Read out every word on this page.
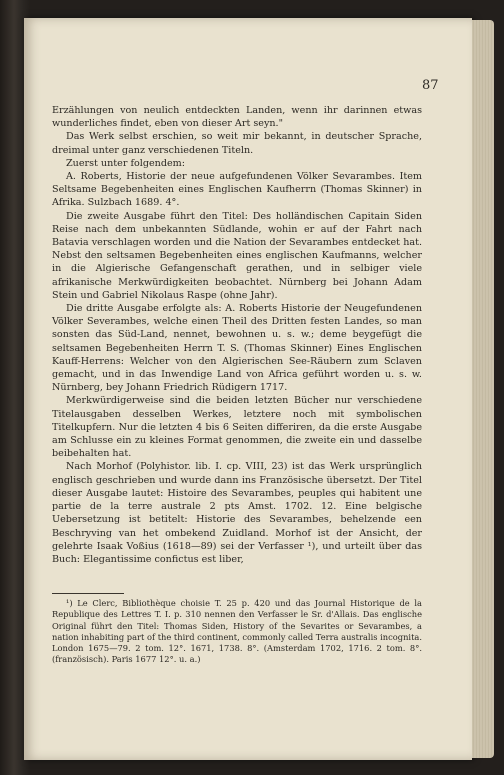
87

Erzählungen von neulich entdeckten Landen, wenn ihr darinnen etwas wunderliches findet, eben von dieser Art seyn."

Das Werk selbst erschien, so weit mir bekannt, in deutscher Sprache, dreimal unter ganz verschiedenen Titeln.

Zuerst unter folgendem:

A. Roberts, Historie der neue aufgefundenen Völker Sevarambes. Item Seltsame Begebenheiten eines Englischen Kaufherrn (Thomas Skinner) in Afrika. Sulzbach 1689. 4°.

Die zweite Ausgabe führt den Titel: Des holländischen Capitain Siden Reise nach dem unbekannten Südlande, wohin er auf der Fahrt nach Batavia verschlagen worden und die Nation der Sevarambes entdecket hat. Nebst den seltsamen Begebenheiten eines englischen Kaufmanns, welcher in die Algierische Gefangenschaft gerathen, und in selbiger viele afrikanische Merkwürdigkeiten beobachtet. Nürnberg bei Johann Adam Stein und Gabriel Nikolaus Raspe (ohne Jahr).

Die dritte Ausgabe erfolgte als: A. Roberts Historie der Neugefundenen Völker Severambes, welche einen Theil des Dritten festen Landes, so man sonsten das Süd-Land, nennet, bewohnen u. s. w.; deme beygefügt die seltsamen Begebenheiten Herrn T. S. (Thomas Skinner) Eines Englischen Kauff-Herrens: Welcher von den Algierischen See-Räubern zum Sclaven gemacht, und in das Inwendige Land von Africa geführt worden u. s. w. Nürnberg, bey Johann Friedrich Rüdigern 1717.

Merkwürdigerweise sind die beiden letzten Bücher nur verschiedene Titelausgaben desselben Werkes, letztere noch mit symbolischen Titelkupfern. Nur die letzten 4 bis 6 Seiten differiren, da die erste Ausgabe am Schlusse ein zu kleines Format genommen, die zweite ein und dasselbe beibehalten hat.

Nach Morhof (Polyhistor. lib. I. cp. VIII, 23) ist das Werk ursprünglich englisch geschrieben und wurde dann ins Französische übersetzt. Der Titel dieser Ausgabe lautet: Histoire des Sevarambes, peuples qui habitent une partie de la terre australe 2 pts Amst. 1702. 12. Eine belgische Uebersetzung ist betitelt: Historie des Sevarambes, behelzende een Beschryving van het ombekend Zuidland. Morhof ist der Ansicht, der gelehrte Isaak Voßius (1618—89) sei der Verfasser ¹), und urteilt über das Buch: Elegantissime confictus est liber,

¹) Le Clerc, Bibliothèque choisie T. 25 p. 420 und das Journal Historique de la Republique des Lettres T. I. p. 310 nennen den Verfasser le Sr. d'Allais. Das englische Original führt den Titel: Thomas Siden, History of the Sevarites or Sevarambes, a nation inhabiting part of the third continent, commonly called Terra australis incognita. London 1675—79. 2 tom. 12°. 1671, 1738. 8°. (Amsterdam 1702, 1716. 2 tom. 8°. (französisch). Paris 1677 12°. u. a.)
